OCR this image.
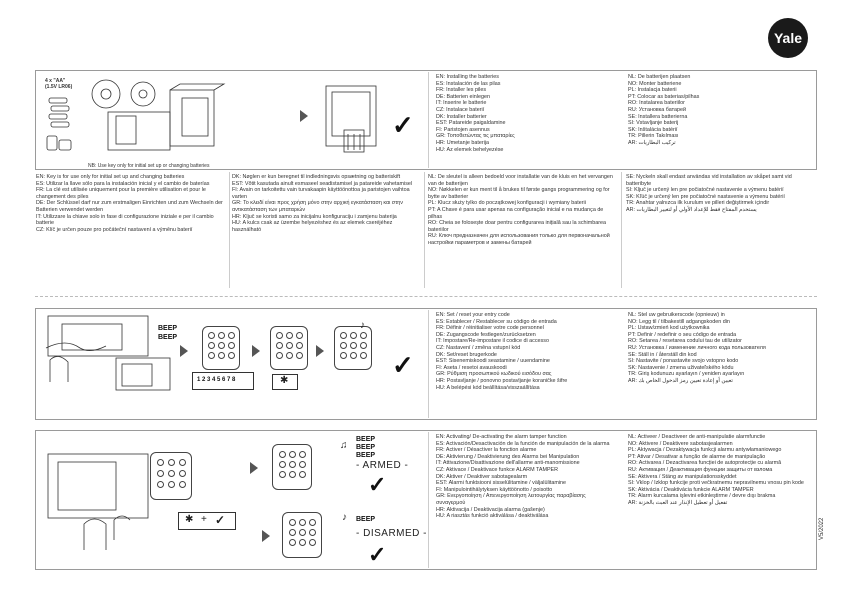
Yale
4 x "AA"
(1.5V LR06)
NB: Use key only for initial set up or changing batteries
✓
EN: Installing the batteries
ES: Instalación de las pilas
FR: Installer les piles
DE: Batterien einlegen
IT: Inserire le batterie
CZ: Instalace baterií
DK: Installer batterier
EST: Patareide paigaldamine
FI: Paristojen asennus
GR: Τοποθετώντας τις μπαταρίες
HR: Umetanje baterija
HU: Az elemek behelyezése
NL: De batterijen plaatsen
NO: Monter batteriene
PL: Instalacja baterii
PT: Colocar as baterias/pilhas
RO: Instalarea bateriilor
RU: Установка батарей
SE: Installera batterierna
SI: Vstavljanje baterij
SK: Inštalácia batérií
TR: Pillerin Takılması
AR: تركيب البطاريات
EN: Key is for use only for initial set up and changing batteries
ES: Utilizar la llave sólo para la instalación inicial y el cambio de baterías
FR: La clé est utilisée uniquement pour la première utilisation et pour le changement des piles
DE: Der Schlüssel darf nur zum erstmaligen Einrichten und zum Wechseln der Batterien verwendet werden
IT: Utilizzare la chiave solo in fase di configurazione iniziale e per il cambio batterie
CZ: Klíč je určen pouze pro počáteční nastavení a výměnu baterií
DK: Nøglen er kun beregnet til indledningsvis opsætning og batteriskift
EST: Võtit kasutada ainult esmaseel seadistamisel ja patareide vahetamisel
FI: Avain on tarkoitettu vain turvakaapin käyttöönottoa ja paristojen vaihtoa varten
GR: Το κλειδί είναι προς χρήση μόνο στην αρχική εγκατάσταση και στην αντικατάσταση των μπαταριών
HR: Ključ se koristi samo za inicijalnu konfiguraciju i zamjenu baterija
HU: A kulcs csak az üzembe helyezéshez és az elemek cseréjéhez használható
NL: De sleutel is alleen bedoeld voor installatie van de kluis en het vervangen van de batterijen
NO: Nøkkelen er kun ment til å brukes til første gangs programmering og for bytte av batterier
PL: Klucz służy tylko do początkowej konfiguracji i wymiany baterii
PT: A Chave é para usar apenas na configuração inicial e na mudança de pilhas
RO: Cheia se folosește doar pentru configurarea inițială sau la schimbarea bateriilor
RU: Ключ предназначен для использования только для первоначальной настройки параметров и замены батарей
SE: Nyckeln skall endast användas vid installation av skåpet samt vid batteribyte
SI: Ključ je určený len pre počiatočné nastavenie a výmenu batérií
SK: Kľúč je určený len pre počiatočné nastavenie a výmenu batérií
TR: Anahtar yalnızca ilk kurulum ve pilleri değiştirmek içindir
AR: يستخدم المفتاح فقط للإعداد الأولي أو لتغيير البطاريات
BEEP
BEEP
1 2 3 4 5 6 7 8	✱
♪
✓
EN: Set / reset your entry code
ES: Establecer / Restablecer su código de entrada
FR: Définir / réinitialiser votre code personnel
DE: Zugangscode festlegen/zurücksetzen
IT: Impostare/Re-impostare il codice di accesso
CZ: Nastavení / změna vstupní kód
DK: Set/reset brugerkode
EST: Sisenemiskoodi seastamine / uuendamine
FI: Aseta / resetoi avauskoodi
GR: Ρύθμιση προσωπικού κωδικού εισόδου σας
HR: Postavljanje / ponovno postavljanje koraničke šifre
HU: A belépési kód beállítása/visszaállítása
NL: Stel uw gebruikerscode (opnieuw) in
NO: Legg til / tilbakestill adgangskoden din
PL: Ustaw/zmień kod użytkownika
PT: Definir / redefinir o seu código de entrada
RO: Setarea / resetarea codului tau de utilizator
RU: Установка / изменение личного кода пользователя
SE: Ställ in / återställ din kod
SI: Nastavite / ponastavite svojo vstopno kodo
SK: Nastavenie / zmena uživateľského kódu
TR: Giriş kodunuzu ayarlayın / yeniden ayarlayın
AR: تعيين أو إعادة تعيين رمز الدخول الخاص بك
✱ + ✓
♫
BEEP
BEEP
BEEP
- ARMED -
✓
♪ BEEP
- DISARMED -
✓
EN: Activating/ De-activating the alarm tamper function
ES: Activación/Desactivación de la función de manipulación de la alarma
FR: Activer / Désactiver la fonction alarme
DE: Aktivierung / Deaktivierung des Alarms bei Manipulation
IT: Attivazione/Disattivazione dell'allarme anti-manomissione
CZ: Aktivace / Deaktivace funkce ALARM TAMPER
DK: Aktiver / Deaktiver sabotagealarm
EST: Alarmi funktsiooni sisselülitamine / väljalülitamine
FI: Manipulointihälytyksen käyttöönotto / poisotto
GR: Ενεργοποίηση / Απενεργοποίηση λειτουργίας παραβίασης συναγερμού
HR: Aktivacija / Deaktivacija alarma (gašenje)
HU: A riasztás funkció aktiválása / deaktiválása
NL: Activeer / Deactiveer de anti-manipulatie alarmfunctie
NO: Aktivere / Deaktivere sabotasjealarmen
PL: Aktywacja / Dezaktywacja funkcji alarmu antywłamaniowego
PT: Ativar / Desativar a função de alarme de manipulação
RO: Activarea / Dezactivarea funcției de autoprotecție cu alarmă
RU: Активация / Деактивация функции защиты от взлома
SE: Aktivera / Stäng av manipulationsskyddet
SI: Vklop / Izklop funkcije proti večkratnemu nepravilnemu vnosu pin kode
SK: Aktivácia / Deaktivácia funkcie ALARM TAMPER
TR: Alarm kurcalama işlevini etkinleştirme / devre dışı brakma
AR: تفعيل أو تعطيل الإنذار عند العبث بالخزنة
V5/2022
